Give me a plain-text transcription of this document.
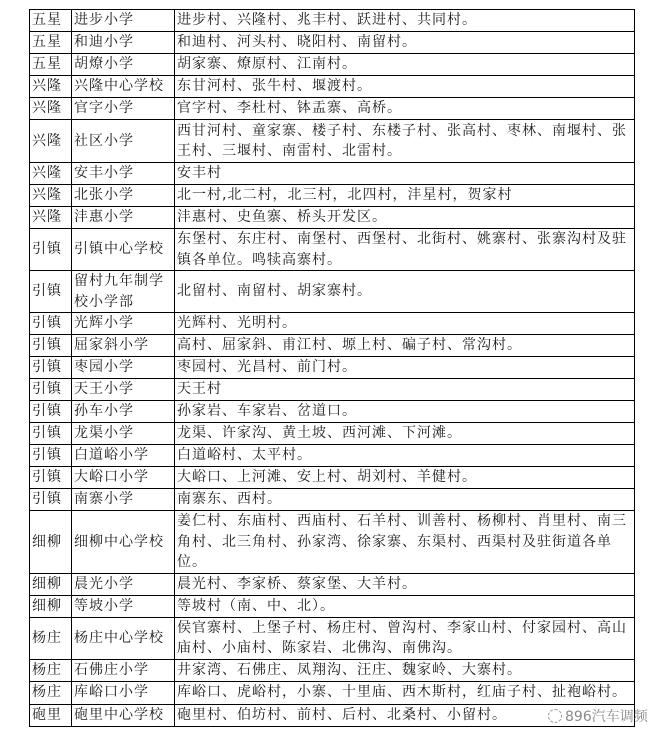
五星	进步小学	进步村、兴隆村、兆丰村、跃进村、共同村。
五星	和迪小学	和迪村、河头村、晓阳村、南留村。
五星	胡燎小学	胡家寨、燎原村、江南村。
兴隆	兴隆中心学校	东甘河村、张牛村、堰渡村。
兴隆	官字小学	官字村、李杜村、钵盂寨、高桥。
兴隆	社区小学	西甘河村、童家寨、楼子村、东楼子村、张高村、枣林、南堰村、张王村、三堰村、南雷村、北雷村。
兴隆	安丰小学	安丰村
兴隆	北张小学	北一村,北二村，北三村，北四村，沣星村，贺家村
兴隆	沣惠小学	沣惠村、史鱼寨、桥头开发区。
引镇	引镇中心学校	东堡村、东庄村、南堡村、西堡村、北街村、姚寨村、张寨沟村及驻镇各单位。鸣犊高寨村。
引镇	留村九年制学校小学部	北留村、南留村、胡家寨村。
引镇	光辉小学	光辉村、光明村。
引镇	屈家斜小学	高村、屈家斜、甫江村、塬上村、碥子村、常沟村。
引镇	枣园小学	枣园村、光昌村、前门村。
引镇	天王小学	天王村
引镇	孙车小学	孙家岩、车家岩、岔道口。
引镇	龙渠小学	龙渠、许家沟、黄土坡、西河滩、下河滩。
引镇	白道峪小学	白道峪村、太平村。
引镇	大峪口小学	大峪口、上河滩、安上村、胡刘村、羊健村。
引镇	南寨小学	南寨东、西村。
细柳	细柳中心学校	姜仁村、东庙村、西庙村、石羊村、训善村、杨柳村、肖里村、南三角村、北三角村、孙家湾、徐家寨、东渠村、西渠村及驻街道各单位。
细柳	晨光小学	晨光村、李家桥、蔡家堡、大羊村。
细柳	等坡小学	等坡村（南、中、北）。
杨庄	杨庄中心学校	侯官寨村、上堡子村、杨庄村、曾沟村、李家山村、付家园村、高山庙村、小庙村、陈家岩、北佛沟、南佛沟。
杨庄	石佛庄小学	井家湾、石佛庄、凤翔沟、汪庄、魏家岭、大寨村。
杨庄	库峪口小学	库峪口、虎峪村，小寨、十里庙、西木斯村，红庙子村、扯袍峪村。
砲里	砲里中心学校	砲里村、伯坊村、前村、后村、北桑村、小留村。	896汽车调频
